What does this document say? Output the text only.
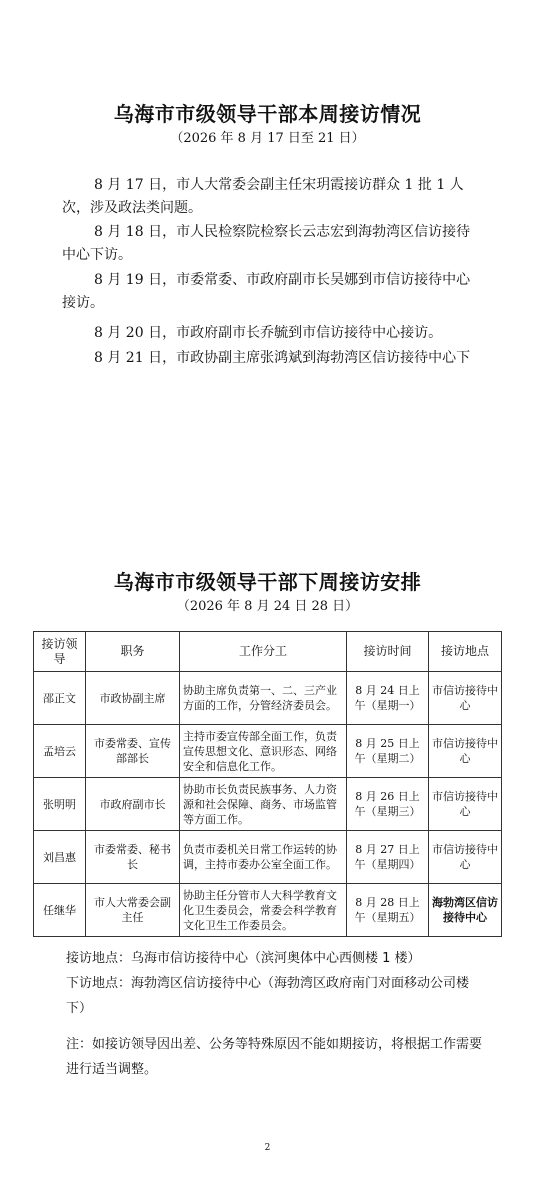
乌海市市级领导干部本周接访情况
（2026 年 8 月 17 日至 21 日）
8 月 17 日，市人大常委会副主任宋玥霞接访群众 1 批 1 人次，涉及政法类问题。
8 月 18 日，市人民检察院检察长云志宏到海勃湾区信访接待中心下访。
8 月 19 日，市委常委、市政府副市长吴娜到市信访接待中心接访。
8 月 20 日，市政府副市长乔毓到市信访接待中心接访。
8 月 21 日，市政协副主席张鸿斌到海勃湾区信访接待中心下
乌海市市级领导干部下周接访安排
（2026 年 8 月 24 日 28 日）
接访领导	职务	工作分工	接访时间	接访地点
邵正文	市政协副主席	协助主席负责第一、二、三产业方面的工作，分管经济委员会。	8 月 24 日上午（星期一）	市信访接待中心
孟培云	市委常委、宣传部部长	主持市委宣传部全面工作，负责宣传思想文化、意识形态、网络安全和信息化工作。	8 月 25 日上午（星期二）	市信访接待中心
张明明	市政府副市长	协助市长负责民族事务、人力资源和社会保障、商务、市场监管等方面工作。	8 月 26 日上午（星期三）	市信访接待中心
刘昌惠	市委常委、秘书长	负责市委机关日常工作运转的协调，主持市委办公室全面工作。	8 月 27 日上午（星期四）	市信访接待中心
任继华	市人大常委会副主任	协助主任分管市人大科学教育文化卫生委员会，常委会科学教育文化卫生工作委员会。	8 月 28 日上午（星期五）	海勃湾区信访接待中心
接访地点：乌海市信访接待中心（滨河奥体中心西侧楼 1 楼）
下访地点：海勃湾区信访接待中心（海勃湾区政府南门对面移动公司楼下）
注：如接访领导因出差、公务等特殊原因不能如期接访，将根据工作需要进行适当调整。
2
